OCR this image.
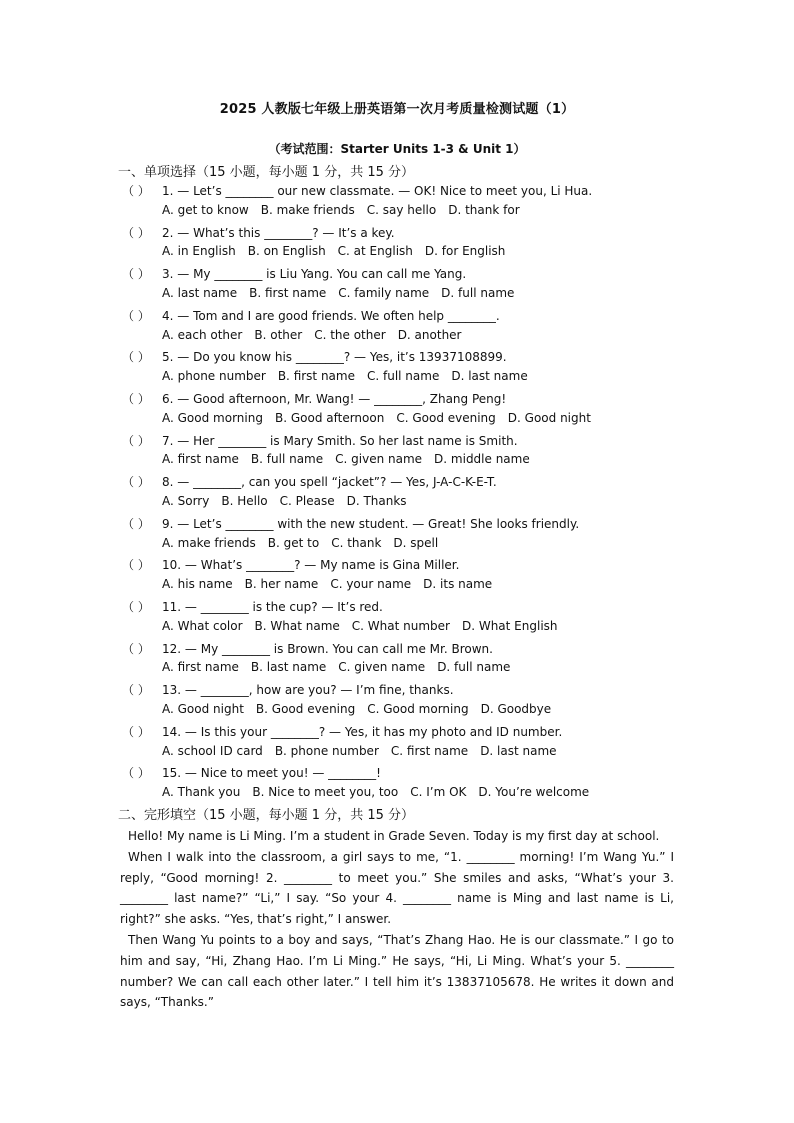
2025 人教版七年级上册英语第一次月考质量检测试题（1）
（考试范围：Starter Units 1-3 & Unit 1）
一、单项选择（15 小题，每小题 1 分，共 15 分）
（ ） 1. — Let’s ________ our new classmate. — OK! Nice to meet you, Li Hua.
A. get to know B. make friends C. say hello D. thank for
（ ） 2. — What’s this ________? — It’s a key.
A. in English B. on English C. at English D. for English
（ ） 3. — My ________ is Liu Yang. You can call me Yang.
A. last name B. first name C. family name D. full name
（ ） 4. — Tom and I are good friends. We often help ________.
A. each other B. other C. the other D. another
（ ） 5. — Do you know his ________? — Yes, it’s 13937108899.
A. phone number B. first name C. full name D. last name
（ ） 6. — Good afternoon, Mr. Wang! — ________, Zhang Peng!
A. Good morning B. Good afternoon C. Good evening D. Good night
（ ） 7. — Her ________ is Mary Smith. So her last name is Smith.
A. first name B. full name C. given name D. middle name
（ ） 8. — ________, can you spell “jacket”? — Yes, J-A-C-K-E-T.
A. Sorry B. Hello C. Please D. Thanks
（ ） 9. — Let’s ________ with the new student. — Great! She looks friendly.
A. make friends B. get to C. thank D. spell
（ ） 10. — What’s ________? — My name is Gina Miller.
A. his name B. her name C. your name D. its name
（ ） 11. — ________ is the cup? — It’s red.
A. What color B. What name C. What number D. What English
（ ） 12. — My ________ is Brown. You can call me Mr. Brown.
A. first name B. last name C. given name D. full name
（ ） 13. — ________, how are you? — I’m fine, thanks.
A. Good night B. Good evening C. Good morning D. Goodbye
（ ） 14. — Is this your ________? — Yes, it has my photo and ID number.
A. school ID card B. phone number C. first name D. last name
（ ） 15. — Nice to meet you! — ________!
A. Thank you B. Nice to meet you, too C. I’m OK D. You’re welcome
二、完形填空（15 小题，每小题 1 分，共 15 分）

Hello! My name is Li Ming. I’m a student in Grade Seven. Today is my first day at school.

When I walk into the classroom, a girl says to me, “1. ________ morning! I’m Wang Yu.” I reply, “Good morning! 2. ________ to meet you.” She smiles and asks, “What’s your 3. ________ last name?” “Li,” I say. “So your 4. ________ name is Ming and last name is Li, right?” she asks. “Yes, that’s right,” I answer.

Then Wang Yu points to a boy and says, “That’s Zhang Hao. He is our classmate.” I go to him and say, “Hi, Zhang Hao. I’m Li Ming.” He says, “Hi, Li Ming. What’s your 5. ________ number? We can call each other later.” I tell him it’s 13837105678. He writes it down and says, “Thanks.”
